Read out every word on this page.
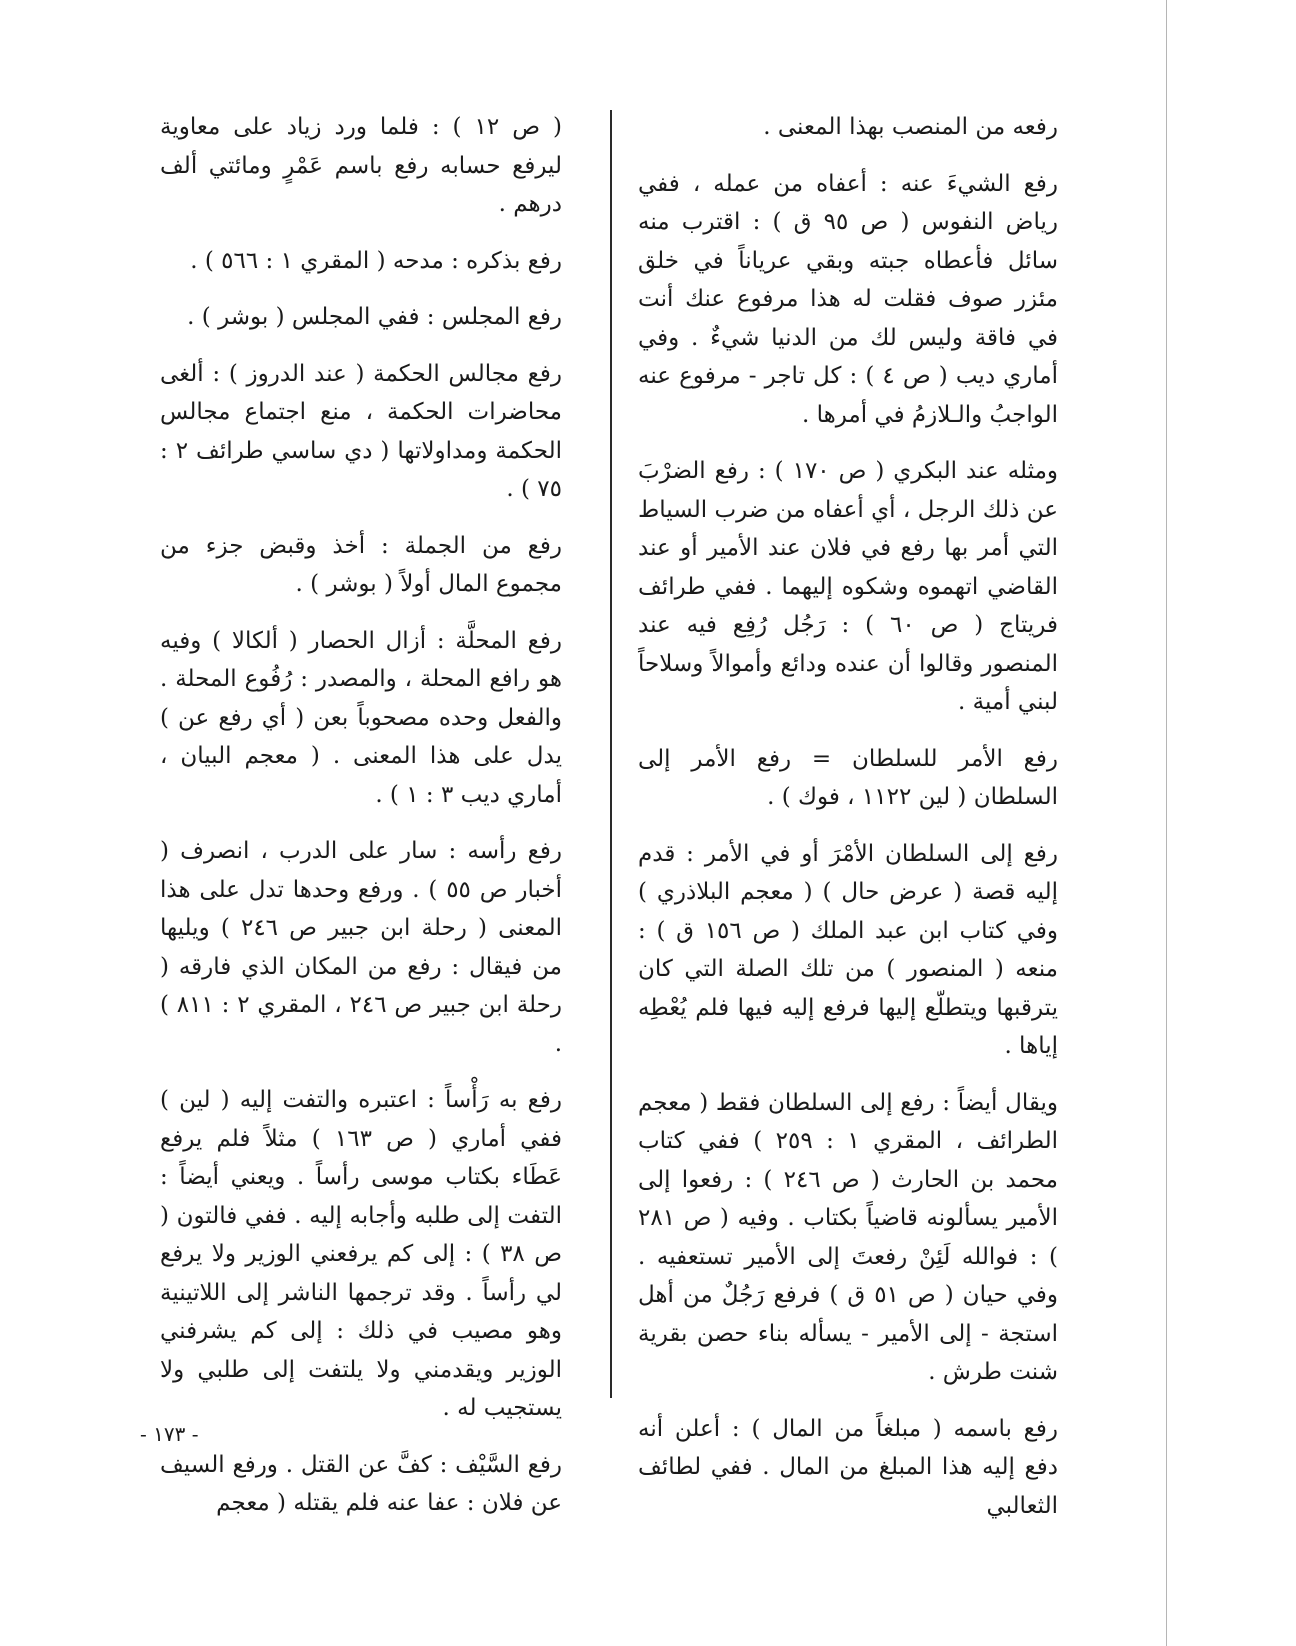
رفعه من المنصب بهذا المعنى .

رفع الشيءَ عنه : أعفاه من عمله ، ففي رياض النفوس ( ص ٩٥ ق ) : اقترب منه سائل فأعطاه جبته وبقي عرياناً في خلق مئزر صوف فقلت له هذا مرفوع عنك أنت في فاقة وليس لك من الدنيا شيءٌ . وفي أماري ديب ( ص ٤ ) : كل تاجر - مرفوع عنه الواجبُ والـلازمُ في أمرها .

ومثله عند البكري ( ص ١٧٠ ) : رفع الضرْبَ عن ذلك الرجل ، أي أعفاه من ضرب السياط التي أمر بها رفع في فلان عند الأمير أو عند القاضي اتهموه وشكوه إليهما . ففي طرائف فريتاج ( ص ٦٠ ) : رَجُل رُفِع فيه عند المنصور وقالوا أن عنده ودائع وأموالاً وسلاحاً لبني أمية .

رفع الأمر للسلطان = رفع الأمر إلى السلطان ( لين ١١٢٢ ، فوك ) .

رفع إلى السلطان الأمْرَ أو في الأمر : قدم إليه قصة ( عرض حال ) ( معجم البلاذري ) وفي كتاب ابن عبد الملك ( ص ١٥٦ ق ) : منعه ( المنصور ) من تلك الصلة التي كان يترقبها ويتطلّع إليها فرفع إليه فيها فلم يُعْطِه إياها .

ويقال أيضاً : رفع إلى السلطان فقط ( معجم الطرائف ، المقري ١ : ٢٥٩ ) ففي كتاب محمد بن الحارث ( ص ٢٤٦ ) : رفعوا إلى الأمير يسألونه قاضياً بكتاب . وفيه ( ص ٢٨١ ) : فوالله لَئِنْ رفعتَ إلى الأمير تستعفيه . وفي حيان ( ص ٥١ ق ) فرفع رَجُلٌ من أهل استجة - إلى الأمير - يسأله بناء حصن بقرية شنت طرش .

رفع باسمه ( مبلغاً من المال ) : أعلن أنه دفع إليه هذا المبلغ من المال . ففي لطائف الثعالبي

( ص ١٢ ) : فلما ورد زياد على معاوية ليرفع حسابه رفع باسم عَمْرٍ ومائتي ألف درهم .

رفع بذكره : مدحه ( المقري ١ : ٥٦٦ ) .

رفع المجلس : ففي المجلس ( بوشر ) .

رفع مجالس الحكمة ( عند الدروز ) : ألغى محاضرات الحكمة ، منع اجتماع مجالس الحكمة ومداولاتها ( دي ساسي طرائف ٢ : ٧٥ ) .

رفع من الجملة : أخذ وقبض جزء من مجموع المال أولاً ( بوشر ) .

رفع المحلَّة : أزال الحصار ( ألكالا ) وفيه هو رافع المحلة ، والمصدر : رُفُوع المحلة . والفعل وحده مصحوباً بعن ( أي رفع عن ) يدل على هذا المعنى . ( معجم البيان ، أماري ديب ٣ : ١ ) .

رفع رأسه : سار على الدرب ، انصرف ( أخبار ص ٥٥ ) . ورفع وحدها تدل على هذا المعنى ( رحلة ابن جبير ص ٢٤٦ ) ويليها من فيقال : رفع من المكان الذي فارقه ( رحلة ابن جبير ص ٢٤٦ ، المقري ٢ : ٨١١ ) .

رفع به رَأْساً : اعتبره والتفت إليه ( لين ) ففي أماري ( ص ١٦٣ ) مثلاً فلم يرفع عَطَاء بكتاب موسى رأساً . ويعني أيضاً : التفت إلى طلبه وأجابه إليه . ففي فالتون ( ص ٣٨ ) : إلى كم يرفعني الوزير ولا يرفع لي رأساً . وقد ترجمها الناشر إلى اللاتينية وهو مصيب في ذلك : إلى كم يشرفني الوزير ويقدمني ولا يلتفت إلى طلبي ولا يستجيب له .

رفع السَّيْف : كفَّ عن القتل . ورفع السيف عن فلان : عفا عنه فلم يقتله ( معجم

- ١٧٣ -
